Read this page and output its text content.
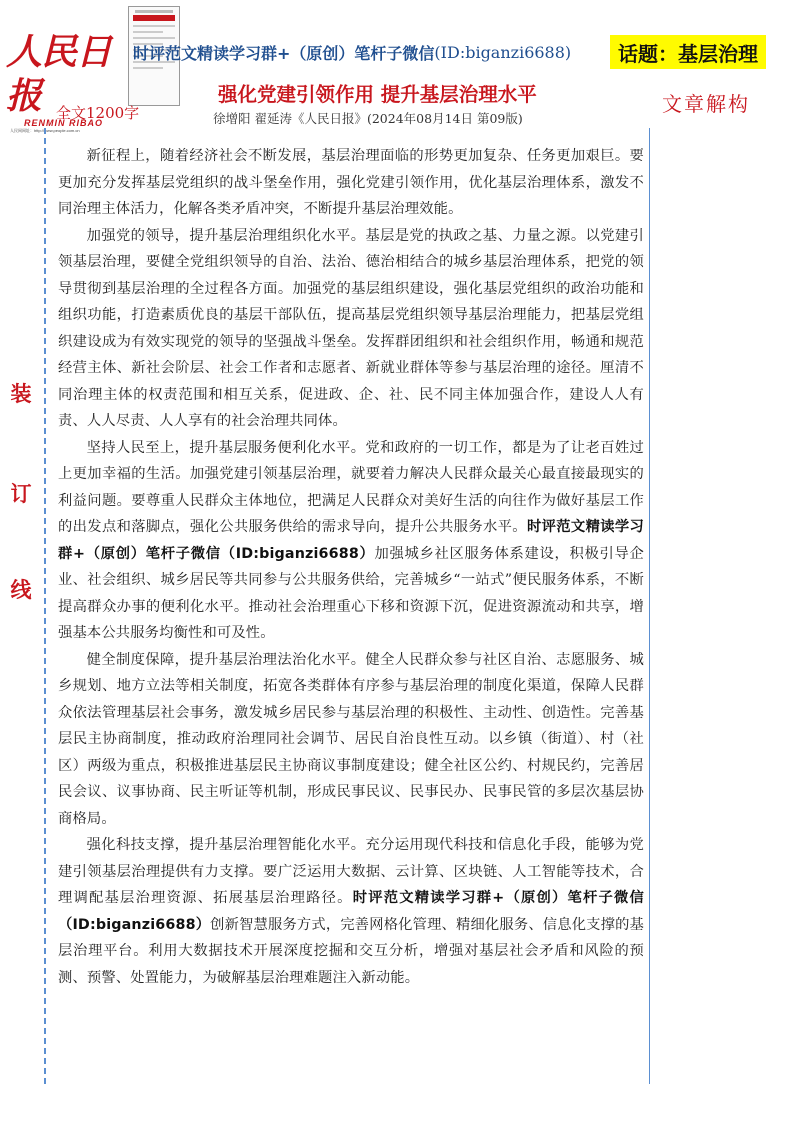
人民日报
RENMIN RIBAO
人民网网址：http://www.people.com.cn
时评范文精读学习群+（原创）笔杆子微信(ID:biganzi6688)	话题： 基层治理
强化党建引领作用 提升基层治理水平
全文1200字	徐增阳 翟延涛《人民日报》(2024年08月14日 第09版)
文章解构
装
订
线

新征程上，随着经济社会不断发展，基层治理面临的形势更加复杂、任务更加艰巨。要更加充分发挥基层党组织的战斗堡垒作用，强化党建引领作用，优化基层治理体系，激发不同治理主体活力，化解各类矛盾冲突，不断提升基层治理效能。

加强党的领导，提升基层治理组织化水平。基层是党的执政之基、力量之源。以党建引领基层治理，要健全党组织领导的自治、法治、德治相结合的城乡基层治理体系，把党的领导贯彻到基层治理的全过程各方面。加强党的基层组织建设，强化基层党组织的政治功能和组织功能，打造素质优良的基层干部队伍，提高基层党组织领导基层治理能力，把基层党组织建设成为有效实现党的领导的坚强战斗堡垒。发挥群团组织和社会组织作用，畅通和规范经营主体、新社会阶层、社会工作者和志愿者、新就业群体等参与基层治理的途径。厘清不同治理主体的权责范围和相互关系，促进政、企、社、民不同主体加强合作，建设人人有责、人人尽责、人人享有的社会治理共同体。

坚持人民至上，提升基层服务便利化水平。党和政府的一切工作，都是为了让老百姓过上更加幸福的生活。加强党建引领基层治理，就要着力解决人民群众最关心最直接最现实的利益问题。要尊重人民群众主体地位，把满足人民群众对美好生活的向往作为做好基层工作的出发点和落脚点，强化公共服务供给的需求导向，提升公共服务水平。时评范文精读学习群+（原创）笔杆子微信（ID:biganzi6688）加强城乡社区服务体系建设，积极引导企业、社会组织、城乡居民等共同参与公共服务供给，完善城乡“一站式”便民服务体系，不断提高群众办事的便利化水平。推动社会治理重心下移和资源下沉，促进资源流动和共享，增强基本公共服务均衡性和可及性。

健全制度保障，提升基层治理法治化水平。健全人民群众参与社区自治、志愿服务、城乡规划、地方立法等相关制度，拓宽各类群体有序参与基层治理的制度化渠道，保障人民群众依法管理基层社会事务，激发城乡居民参与基层治理的积极性、主动性、创造性。完善基层民主协商制度，推动政府治理同社会调节、居民自治良性互动。以乡镇（街道）、村（社区）两级为重点，积极推进基层民主协商议事制度建设；健全社区公约、村规民约，完善居民会议、议事协商、民主听证等机制，形成民事民议、民事民办、民事民管的多层次基层协商格局。

强化科技支撑，提升基层治理智能化水平。充分运用现代科技和信息化手段，能够为党建引领基层治理提供有力支撑。要广泛运用大数据、云计算、区块链、人工智能等技术，合理调配基层治理资源、拓展基层治理路径。时评范文精读学习群+（原创）笔杆子微信（ID:biganzi6688）创新智慧服务方式，完善网格化管理、精细化服务、信息化支撑的基层治理平台。利用大数据技术开展深度挖掘和交互分析，增强对基层社会矛盾和风险的预测、预警、处置能力，为破解基层治理难题注入新动能。
